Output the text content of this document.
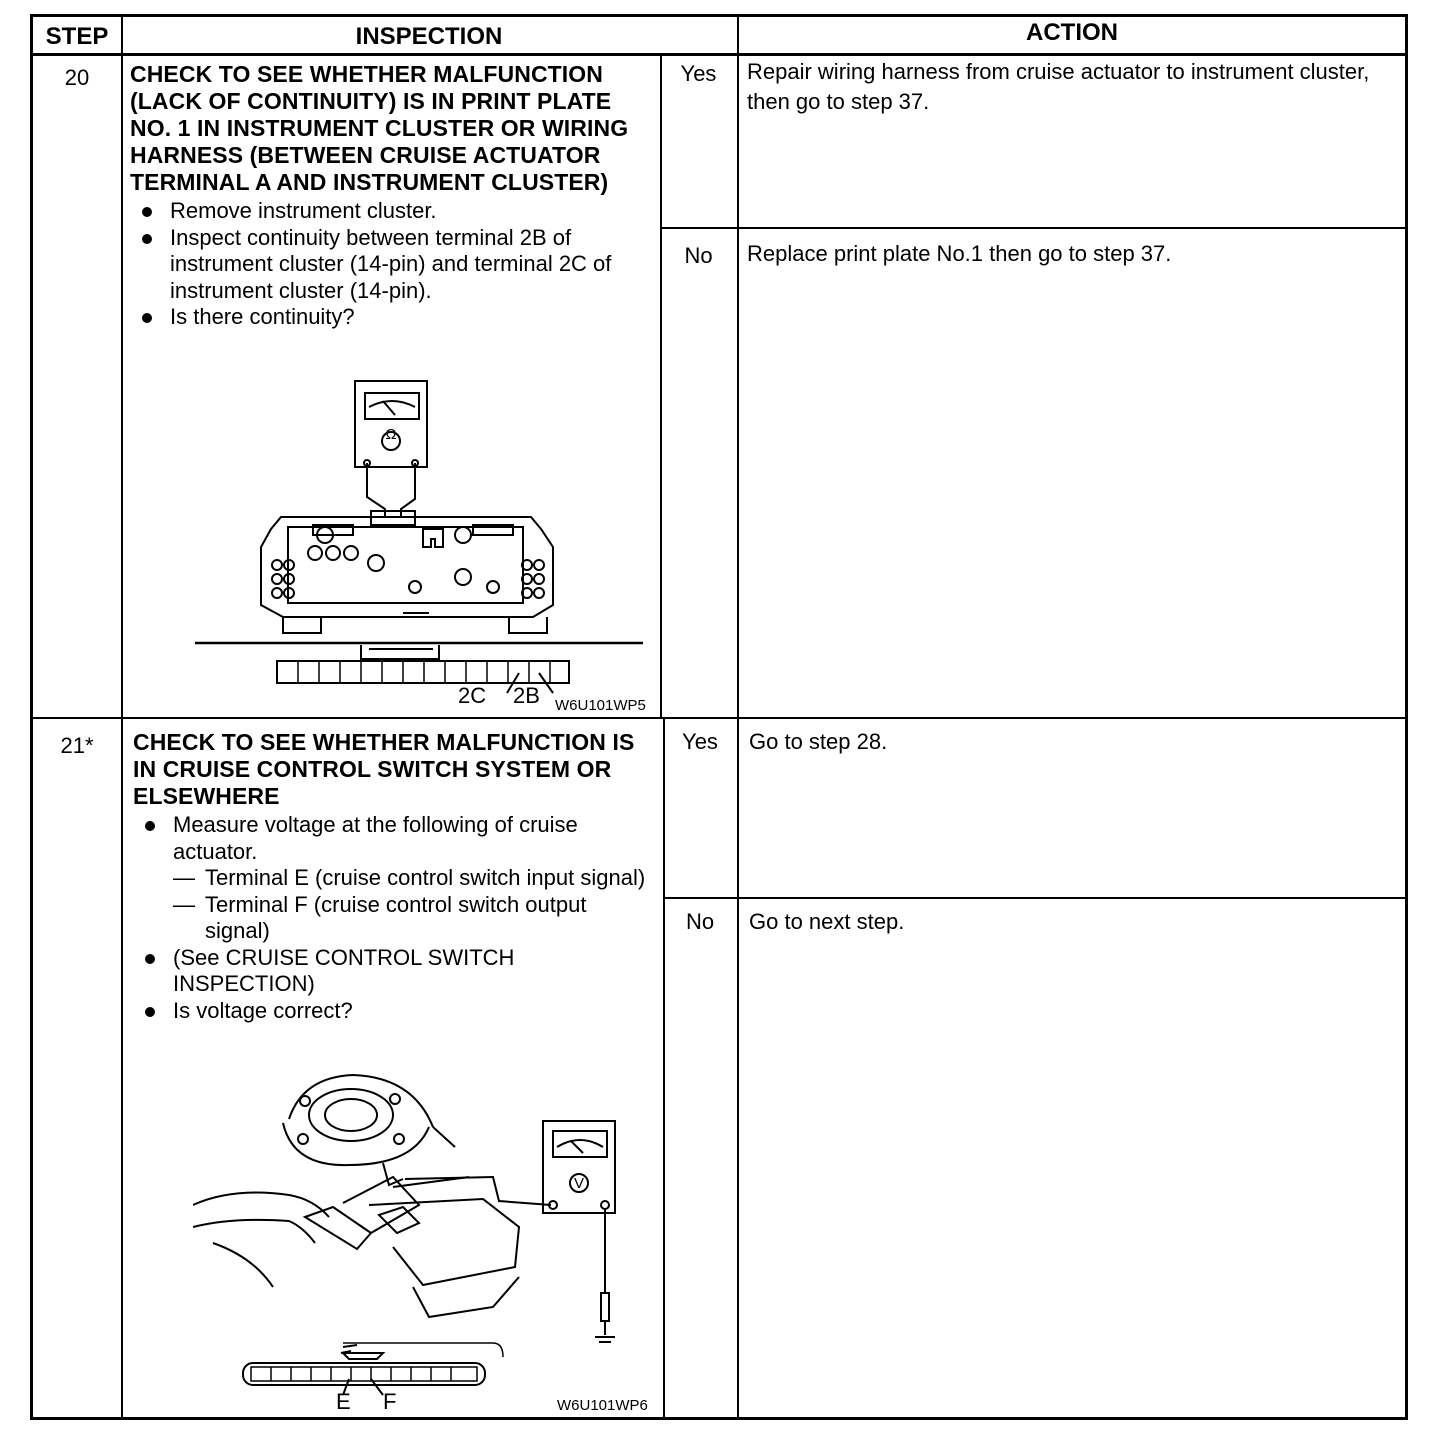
STEP	INSPECTION	ACTION
20	CHECK TO SEE WHETHER MALFUNCTION (LACK OF CONTINUITY) IS IN PRINT PLATE NO. 1 IN INSTRUMENT CLUSTER OR WIRING HARNESS (BETWEEN CRUISE ACTUATOR TERMINAL A AND INSTRUMENT CLUSTER)
Remove instrument cluster.
Inspect continuity between terminal 2B of instrument cluster (14-pin) and terminal 2C of instrument cluster (14-pin).
Is there continuity?
2C 2B
Ω
W6U101WP5
Yes	Repair wiring harness from cruise actuator to instrument cluster, then go to step 37.
No	Replace print plate No.1 then go to step 37.
21*	CHECK TO SEE WHETHER MALFUNCTION IS IN CRUISE CONTROL SWITCH SYSTEM OR ELSEWHERE
Measure voltage at the following of cruise actuator.
— Terminal E (cruise control switch input signal)
— Terminal F (cruise control switch output signal)
(See CRUISE CONTROL SWITCH INSPECTION)
Is voltage correct?
E F
V
W6U101WP6
Yes	Go to step 28.
No	Go to next step.
